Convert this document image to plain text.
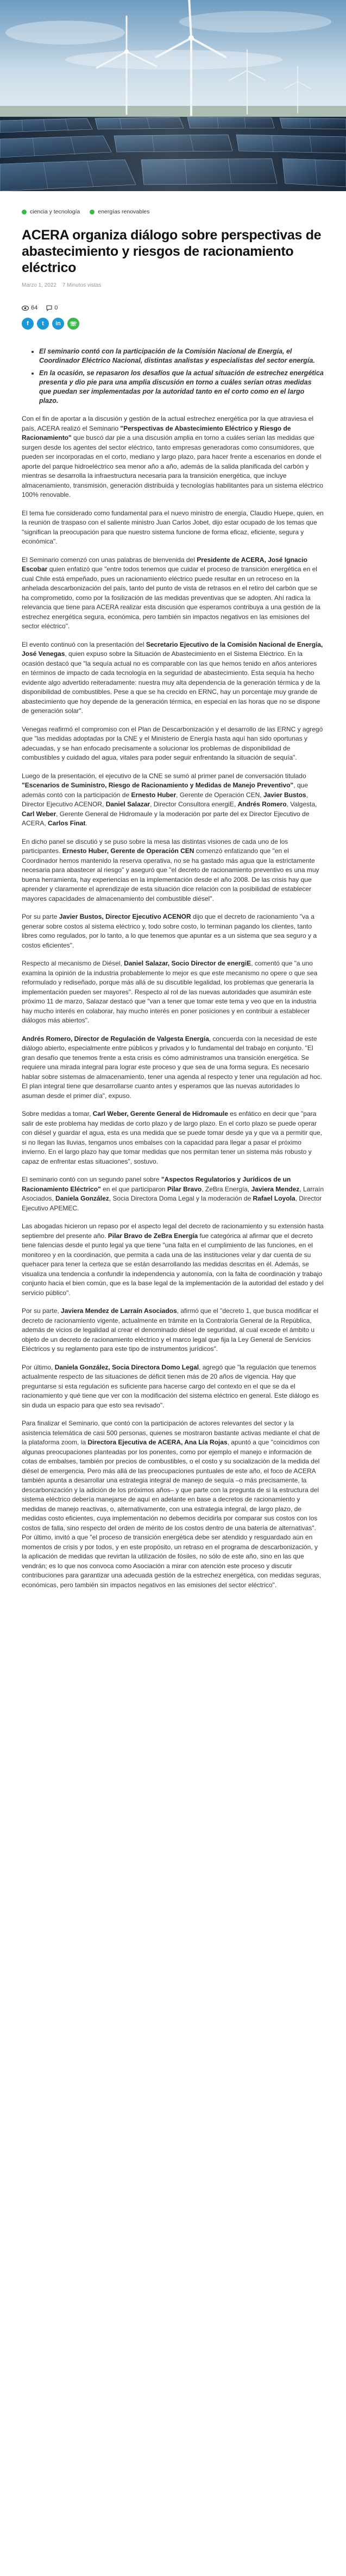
ciencia y tecnología	energías renovables
ACERA organiza diálogo sobre perspectivas de abastecimiento y riesgos de racionamiento eléctrico
Marzo 1, 2022 7 Minutos vistas
64	0
f t in ☏
• El seminario contó con la participación de la Comisión Nacional de Energía, el Coordinador Eléctrico Nacional, distintas analistas y especialistas del sector energía.
• En la ocasión, se repasaron los desafíos que la actual situación de estrechez energética presenta y dio pie para una amplia discusión en torno a cuáles serían otras medidas que puedan ser implementadas por la autoridad tanto en el corto como en el largo plazo.

Con el fin de aportar a la discusión y gestión de la actual estrechez energética por la que atraviesa el país, ACERA realizó el Seminario "Perspectivas de Abastecimiento Eléctrico y Riesgo de Racionamiento" que buscó dar pie a una discusión amplia en torno a cuáles serían las medidas que surgen desde los agentes del sector eléctrico, tanto empresas generadoras como consumidores, que pueden ser incorporadas en el corto, mediano y largo plazo, para hacer frente a escenarios en donde el aporte del parque hidroeléctrico sea menor año a año, además de la salida planificada del carbón y mientras se desarrolla la infraestructura necesaria para la transición energética, que incluye almacenamiento, transmisión, generación distribuida y tecnologías habilitantes para un sistema eléctrico 100% renovable.

El tema fue considerado como fundamental para el nuevo ministro de energía, Claudio Huepe, quien, en la reunión de traspaso con el saliente ministro Juan Carlos Jobet, dijo estar ocupado de los temas que "significan la preocupación para que nuestro sistema funcione de forma eficaz, eficiente, segura y económica".

El Seminario comenzó con unas palabras de bienvenida del Presidente de ACERA, José Ignacio Escobar quien enfatizó que "entre todos tenemos que cuidar el proceso de transición energética en el cual Chile está empeñado, pues un racionamiento eléctrico puede resultar en un retroceso en la anhelada descarbonización del país, tanto del punto de vista de retrasos en el retiro del carbón que se ha comprometido, como por la fosilización de las medidas preventivas que se adopten. Ahí radica la relevancia que tiene para ACERA realizar esta discusión que esperamos contribuya a una gestión de la estrechez energética segura, económica, pero también sin impactos negativos en las emisiones del sector eléctrico".

El evento continuó con la presentación del Secretario Ejecutivo de la Comisión Nacional de Energía, José Venegas, quien expuso sobre la Situación de Abastecimiento en el Sistema Eléctrico. En la ocasión destacó que "la sequía actual no es comparable con las que hemos tenido en años anteriores en términos de impacto de cada tecnología en la seguridad de abastecimiento. Esta sequía ha hecho evidente algo advertido reiteradamente: nuestra muy alta dependencia de la generación térmica y de la disponibilidad de combustibles. Pese a que se ha crecido en ERNC, hay un porcentaje muy grande de abastecimiento que hoy depende de la generación térmica, en especial en las horas que no se dispone de generación solar".

Venegas reafirmó el compromiso con el Plan de Descarbonización y el desarrollo de las ERNC y agregó que "las medidas adoptadas por la CNE y el Ministerio de Energía hasta aquí han sido oportunas y adecuadas, y se han enfocado precisamente a solucionar los problemas de disponibilidad de combustibles y cuidado del agua, vitales para poder seguir enfrentando la situación de sequía".

Luego de la presentación, el ejecutivo de la CNE se sumó al primer panel de conversación titulado "Escenarios de Suministro, Riesgo de Racionamiento y Medidas de Manejo Preventivo", que además contó con la participación de Ernesto Huber, Gerente de Operación CEN, Javier Bustos, Director Ejecutivo ACENOR, Daniel Salazar, Director Consultora energiE, Andrés Romero, Valgesta, Carl Weber, Gerente General de Hidromaule y la moderación por parte del ex Director Ejecutivo de ACERA, Carlos Finat.

En dicho panel se discutió y se puso sobre la mesa las distintas visiones de cada uno de los participantes. Ernesto Huber, Gerente de Operación CEN comenzó enfatizando que "en el Coordinador hemos mantenido la reserva operativa, no se ha gastado más agua que la estrictamente necesaria para abastecer al riesgo" y aseguró que "el decreto de racionamiento preventivo es una muy buena herramienta, hay experiencias en la implementación desde el año 2008. De las crisis hay que aprender y claramente el aprendizaje de esta situación dice relación con la posibilidad de establecer mayores capacidades de almacenamiento del combustible diésel".

Por su parte Javier Bustos, Director Ejecutivo ACENOR dijo que el decreto de racionamiento "va a generar sobre costos al sistema eléctrico y, todo sobre costo, lo terminan pagando los clientes, tanto libres como regulados, por lo tanto, a lo que tenemos que apuntar es a un sistema que sea seguro y a costos eficientes".

Respecto al mecanismo de Diésel, Daniel Salazar, Socio Director de energiE, comentó que "a uno examina la opinión de la industria probablemente lo mejor es que este mecanismo no opere o que sea reformulado y rediseñado, porque más allá de su discutible legalidad, los problemas que generaría la implementación pueden ser mayores". Respecto al rol de las nuevas autoridades que asumirán este próximo 11 de marzo, Salazar destacó que "van a tener que tomar este tema y veo que en la industria hay mucho interés en colaborar, hay mucho interés en poner posiciones y en contribuir a establecer diálogos más abiertos".

Andrés Romero, Director de Regulación de Valgesta Energía, concuerda con la necesidad de este diálogo abierto, especialmente entre públicos y privados y lo fundamental del trabajo en conjunto. "El gran desafío que tenemos frente a esta crisis es cómo administramos una transición energética. Se requiere una mirada integral para lograr este proceso y que sea de una forma segura. Es necesario hablar sobre sistemas de almacenamiento, tener una agenda al respecto y tener una regulación ad hoc. El plan integral tiene que desarrollarse cuanto antes y esperamos que las nuevas autoridades lo asuman desde el primer día", expuso.

Sobre medidas a tomar, Carl Weber, Gerente General de Hidromaule es enfático en decir que "para salir de este problema hay medidas de corto plazo y de largo plazo. En el corto plazo se puede operar con diésel y guardar el agua, esta es una medida que se puede tomar desde ya y que va a permitir que, si no llegan las lluvias, tengamos unos embalses con la capacidad para llegar a pasar el próximo invierno. En el largo plazo hay que tomar medidas que nos permitan tener un sistema más robusto y capaz de enfrentar estas situaciones", sostuvo.

El seminario contó con un segundo panel sobre "Aspectos Regulatorios y Jurídicos de un Racionamiento Eléctrico" en el que participaron Pilar Bravo, ZeBra Energía, Javiera Mendez, Larraín Asociados, Daniela González, Socia Directora Doma Legal y la moderación de Rafael Loyola, Director Ejecutivo APEMEC.

Las abogadas hicieron un repaso por el aspecto legal del decreto de racionamiento y su extensión hasta septiembre del presente año. Pilar Bravo de ZeBra Energía fue categórica al afirmar que el decreto tiene falencias desde el punto legal ya que tiene "una falta en el cumplimiento de las funciones, en el monitoreo y en la coordinación, que permita a cada una de las instituciones velar y dar cuenta de su quehacer para tener la certeza que se están desarrollando las medidas descritas en él. Además, se visualiza una tendencia a confundir la independencia y autonomía, con la falta de coordinación y trabajo conjunto hacia el bien común, que es la base legal de la implementación de la autoridad del estado y del servicio público".

Por su parte, Javiera Mendez de Larraín Asociados, afirmó que el "decreto 1, que busca modificar el decreto de racionamiento vigente, actualmente en trámite en la Contraloría General de la República, además de vicios de legalidad al crear el denominado diésel de seguridad, al cual excede el ámbito u objeto de un decreto de racionamiento eléctrico y el marco legal que fija la Ley General de Servicios Eléctricos y su reglamento para este tipo de instrumentos jurídicos".

Por último, Daniela González, Socia Directora Domo Legal, agregó que "la regulación que tenemos actualmente respecto de las situaciones de déficit tienen más de 20 años de vigencia. Hay que preguntarse si esta regulación es suficiente para hacerse cargo del contexto en el que se da el racionamiento y qué tiene que ver con la modificación del sistema eléctrico en general. Este diálogo es sin duda un espacio para que esto sea revisado".

Para finalizar el Seminario, que contó con la participación de actores relevantes del sector y la asistencia telemática de casi 500 personas, quienes se mostraron bastante activas mediante el chat de la plataforma zoom, la Directora Ejecutiva de ACERA, Ana Lía Rojas, apuntó a que "coincidimos con algunas preocupaciones planteadas por los ponentes, como por ejemplo el manejo e información de cotas de embalses, también por precios de combustibles, o el costo y su socialización de la medida del diésel de emergencia. Pero más allá de las preocupaciones puntuales de este año, el foco de ACERA también apunta a desarrollar una estrategia integral de manejo de sequía –o más precisamente, la descarbonización y la adición de los próximos años– y que parte con la pregunta de si la estructura del sistema eléctrico debería manejarse de aquí en adelante en base a decretos de racionamiento y medidas de manejo reactivas, o, alternativamente, con una estrategia integral, de largo plazo, de medidas costo eficientes, cuya implementación no debemos decidirla por comparar sus costos con los costos de falla, sino respecto del orden de mérito de los costos dentro de una batería de alternativas". Por último, invitó a que "el proceso de transición energética debe ser atendido y resguardado aún en momentos de crisis y por todos, y en este propósito, un retraso en el programa de descarbonización, y la aplicación de medidas que revirtan la utilización de fósiles, no sólo de este año, sino en las que vendrán; es lo que nos convoca como Asociación a mirar con atención este proceso y discutir contribuciones para garantizar una adecuada gestión de la estrechez energética, con medidas seguras, económicas, pero también sin impactos negativos en las emisiones del sector eléctrico".
